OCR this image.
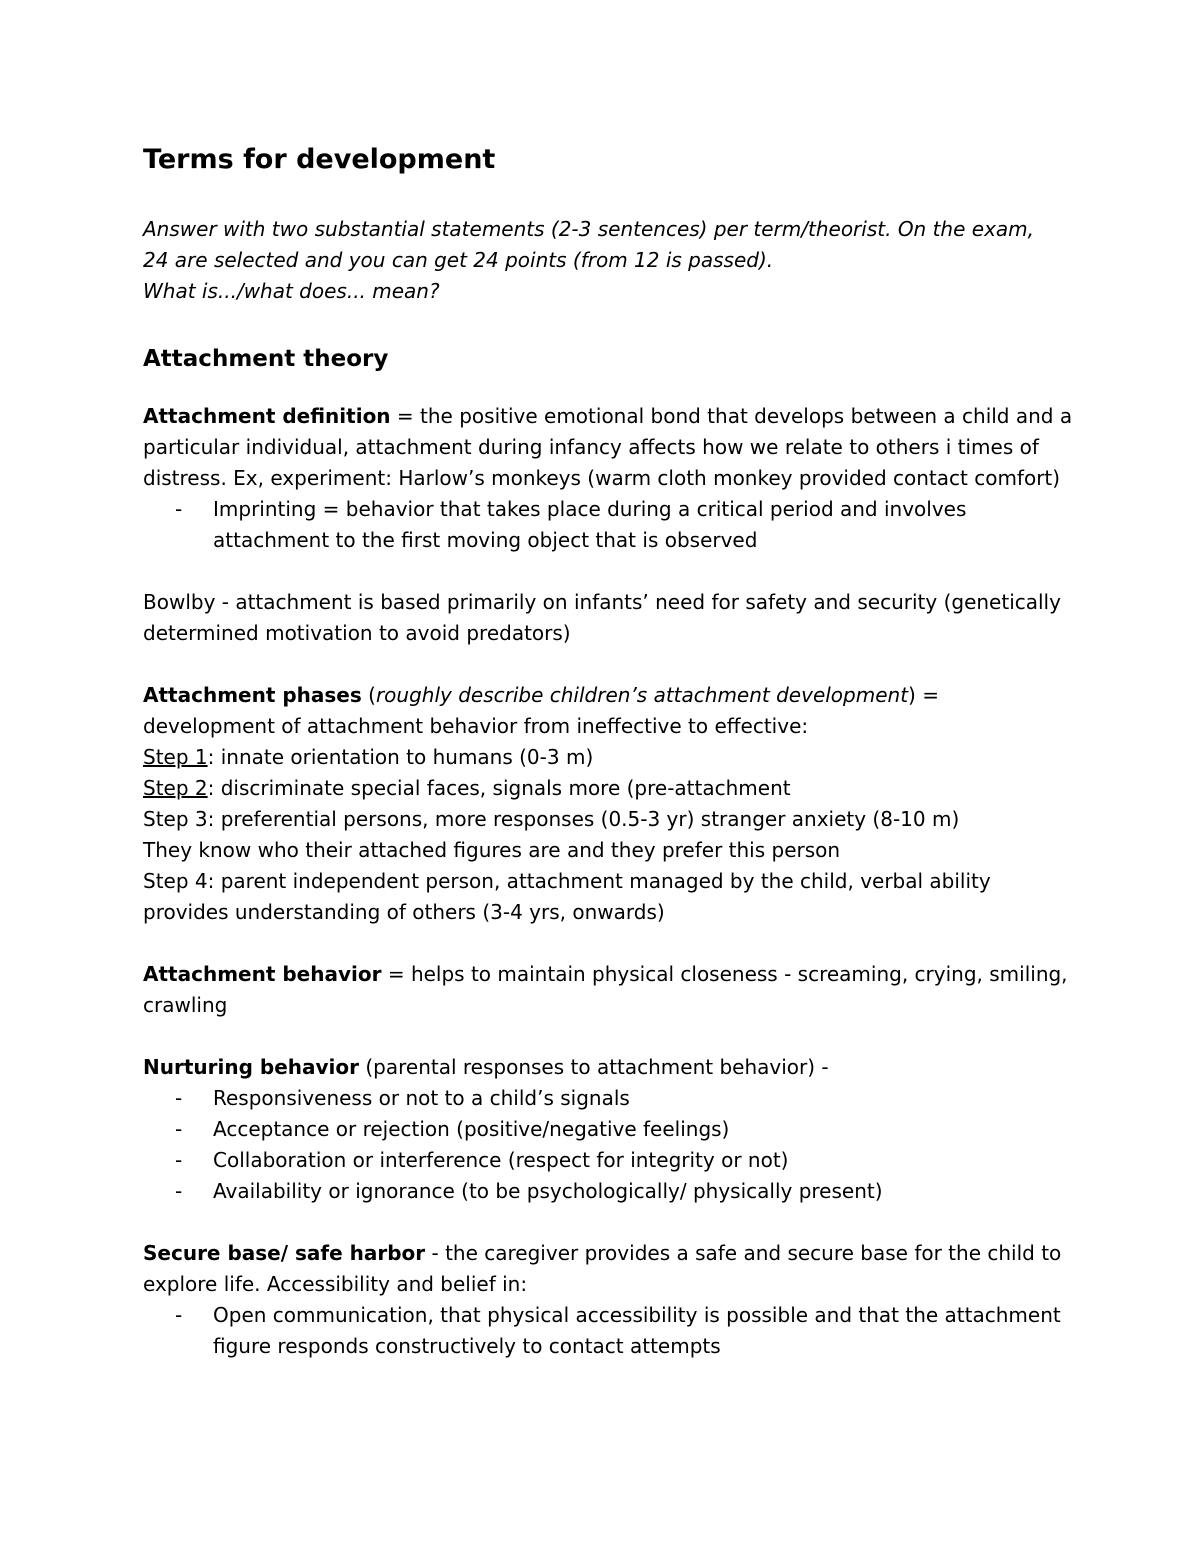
Terms for development
Answer with two substantial statements (2-3 sentences) per term/theorist. On the exam,
24 are selected and you can get 24 points (from 12 is passed).
What is.../what does... mean?
Attachment theory

Attachment definition = the positive emotional bond that develops between a child and a particular individual, attachment during infancy affects how we relate to others i times of distress. Ex, experiment: Harlow’s monkeys (warm cloth monkey provided contact comfort)

- Imprinting = behavior that takes place during a critical period and involves attachment to the first moving object that is observed

Bowlby - attachment is based primarily on infants’ need for safety and security (genetically determined motivation to avoid predators)

Attachment phases (roughly describe children’s attachment development) =

development of attachment behavior from ineffective to effective:

Step 1: innate orientation to humans (0-3 m)

Step 2: discriminate special faces, signals more (pre-attachment

Step 3: preferential persons, more responses (0.5-3 yr) stranger anxiety (8-10 m)

They know who their attached figures are and they prefer this person

Step 4: parent independent person, attachment managed by the child, verbal ability provides understanding of others (3-4 yrs, onwards)

Attachment behavior = helps to maintain physical closeness - screaming, crying, smiling, crawling

Nurturing behavior (parental responses to attachment behavior) -

- Responsiveness or not to a child’s signals
- Acceptance or rejection (positive/negative feelings)
- Collaboration or interference (respect for integrity or not)
- Availability or ignorance (to be psychologically/ physically present)

Secure base/ safe harbor - the caregiver provides a safe and secure base for the child to explore life. Accessibility and belief in:

- Open communication, that physical accessibility is possible and that the attachment figure responds constructively to contact attempts
